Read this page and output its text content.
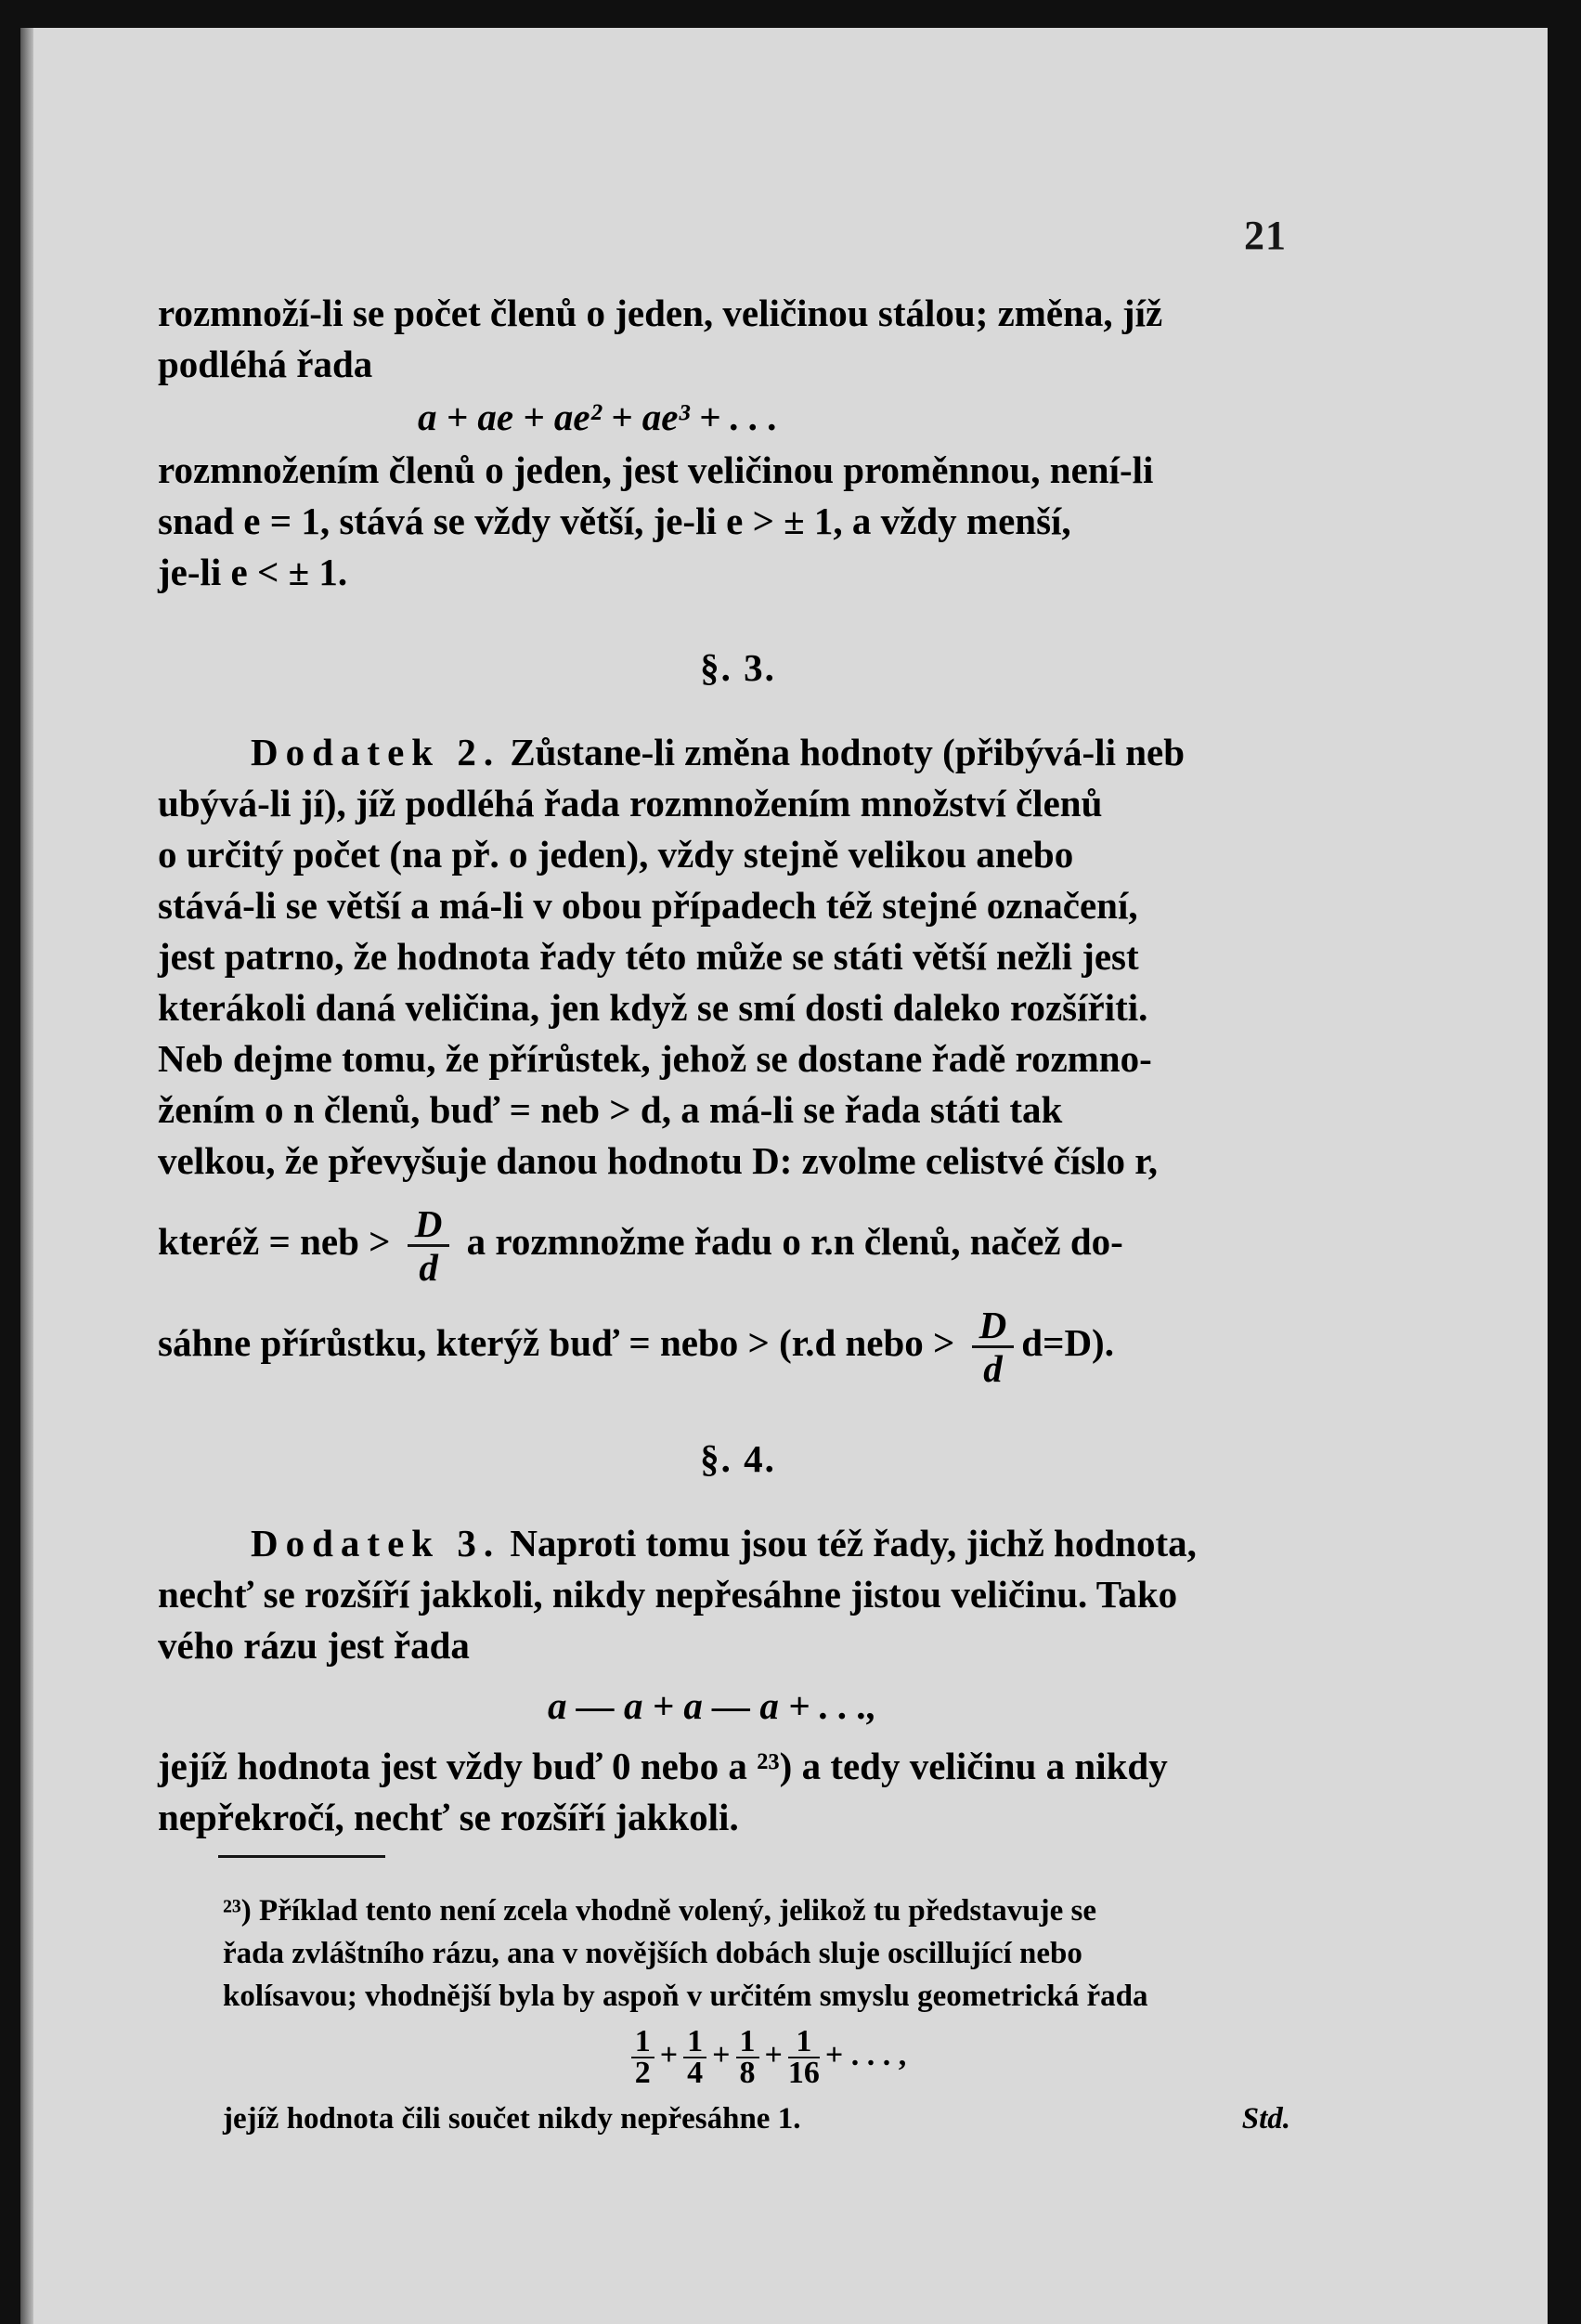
21

rozmnoží-li se počet členů o jeden, veličinou stálou; změna, jíž

podléhá řada

a + ae + ae² + ae³ + . . .

rozmnožením členů o jeden, jest veličinou proměnnou, není-li

snad e = 1, stává se vždy větší, je-li e > ± 1, a vždy menší,

je-li e < ± 1.

§. 3.

Dodatek 2. Zůstane-li změna hodnoty (přibývá-li neb

ubývá-li jí), jíž podléhá řada rozmnožením množství členů

o určitý počet (na př. o jeden), vždy stejně velikou anebo

stává-li se větší a má-li v obou případech též stejné označení,

jest patrno, že hodnota řady této může se státi větší nežli jest

kterákoli daná veličina, jen když se smí dosti daleko rozšířiti.

Neb dejme tomu, že přírůstek, jehož se dostane řadě rozmno-

žením o n členů, buď = neb > d, a má-li se řada státi tak

velkou, že převyšuje danou hodnotu D: zvolme celistvé číslo r,

kteréž = neb > $\frac{D}{d}$ a rozmnožme řadu o r.n členů, načež do-

sáhne přírůstku, kterýž buď = nebo > (r.d nebo > $\frac{D}{d} d=D$).

§. 4.

Dodatek 3. Naproti tomu jsou též řady, jichž hodnota,

nechť se rozšíří jakkoli, nikdy nepřesáhne jistou veličinu. Tako

vého rázu jest řada

a — a + a — a + . . .,

jejíž hodnota jest vždy buď 0 nebo a ²³) a tedy veličinu a nikdy

nepřekročí, nechť se rozšíří jakkoli.

²³) Příklad tento není zcela vhodně volený, jelikož tu představuje se

řada zvláštního rázu, ana v novějších dobách sluje oscillující nebo

kolísavou; vhodnější byla by aspoň v určitém smyslu geometrická řada

$\frac{1}{2} + \frac{1}{4} + \frac{1}{8} + \frac{1}{16}$ + . . . ,

jejíž hodnota čili součet nikdy nepřesáhne 1.	Std.
